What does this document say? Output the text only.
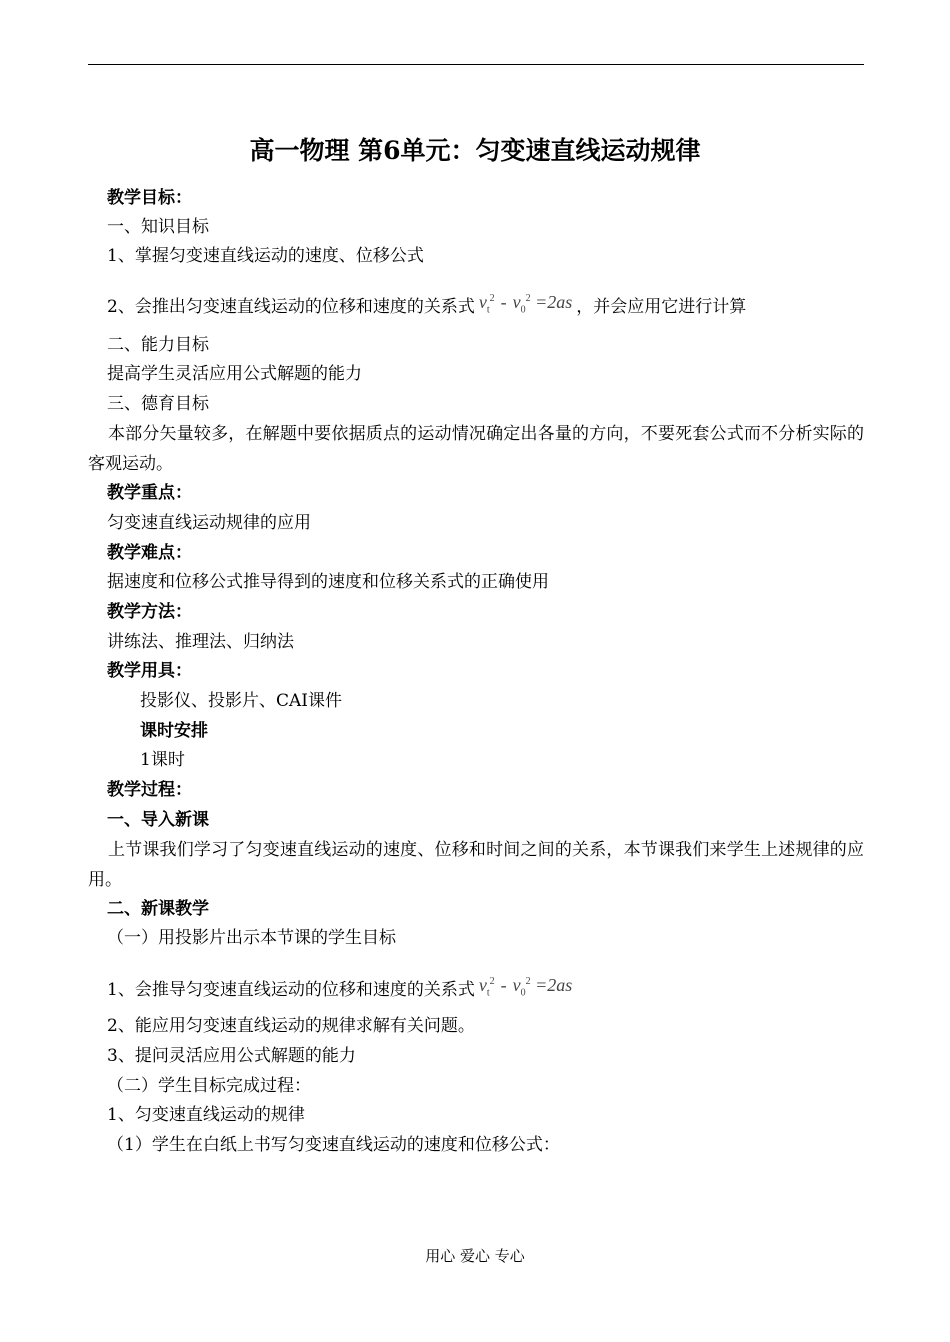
高一物理 第6单元：匀变速直线运动规律
教学目标：
一、知识目标
1、掌握匀变速直线运动的速度、位移公式
2、会推出匀变速直线运动的位移和速度的关系式 $v_t^2 - v_0^2 =2as$ ，并会应用它进行计算
二、能力目标
提高学生灵活应用公式解题的能力
三、德育目标
本部分矢量较多，在解题中要依据质点的运动情况确定出各量的方向，不要死套公式而不分析实际的客观运动。
教学重点：
匀变速直线运动规律的应用
教学难点：
据速度和位移公式推导得到的速度和位移关系式的正确使用
教学方法：
讲练法、推理法、归纳法
教学用具：
投影仪、投影片、CAI课件
课时安排
1课时
教学过程：
一、导入新课
上节课我们学习了匀变速直线运动的速度、位移和时间之间的关系，本节课我们来学生上述规律的应用。
二、新课教学
（一）用投影片出示本节课的学生目标
1、会推导匀变速直线运动的位移和速度的关系式 $v_t^2 - v_0^2 =2as$
2、能应用匀变速直线运动的规律求解有关问题。
3、提问灵活应用公式解题的能力
（二）学生目标完成过程：
1、匀变速直线运动的规律
（1）学生在白纸上书写匀变速直线运动的速度和位移公式：
用心 爱心 专心
